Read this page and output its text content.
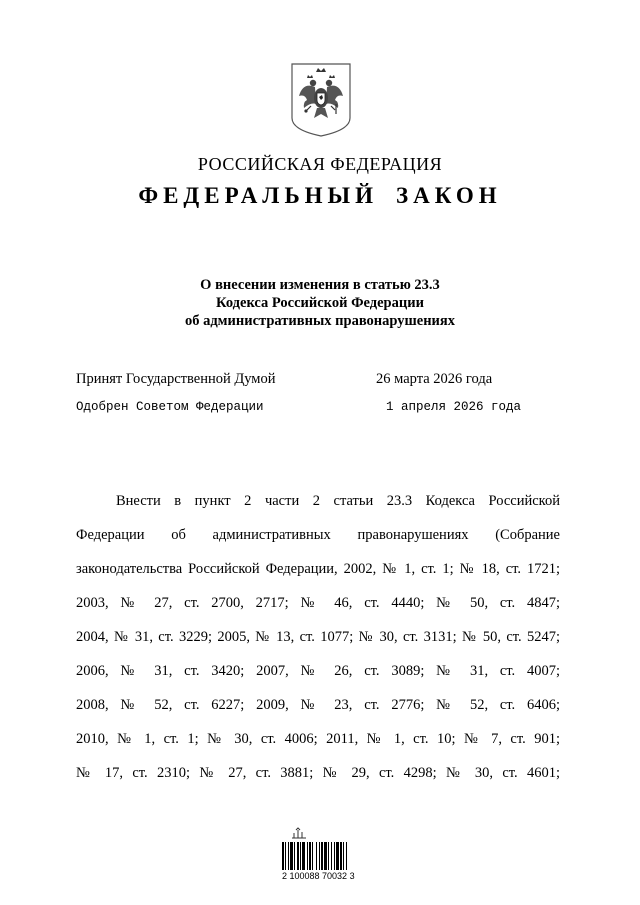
РОССИЙСКАЯ ФЕДЕРАЦИЯ
ФЕДЕРАЛЬНЫЙ ЗАКОН
О внесении изменения в статью 23.3
Кодекса Российской Федерации
об административных правонарушениях
Принят Государственной Думой	26 марта 2026 года
Одобрен Советом Федерации	1 апреля 2026 года
Внести в пункт 2 части 2 статьи 23.3 Кодекса Российской
Федерации об административных правонарушениях (Собрание
законодательства Российской Федерации, 2002, № 1, ст. 1; № 18, ст. 1721;
2003, № 27, ст. 2700, 2717; № 46, ст. 4440; № 50, ст. 4847;
2004, № 31, ст. 3229; 2005, № 13, ст. 1077; № 30, ст. 3131; № 50, ст. 5247;
2006, № 31, ст. 3420; 2007, № 26, ст. 3089; № 31, ст. 4007;
2008, № 52, ст. 6227; 2009, № 23, ст. 2776; № 52, ст. 6406;
2010, № 1, ст. 1; № 30, ст. 4006; 2011, № 1, ст. 10; № 7, ст. 901;
№ 17, ст. 2310; № 27, ст. 3881; № 29, ст. 4298; № 30, ст. 4601;
2 100088 70032 3
